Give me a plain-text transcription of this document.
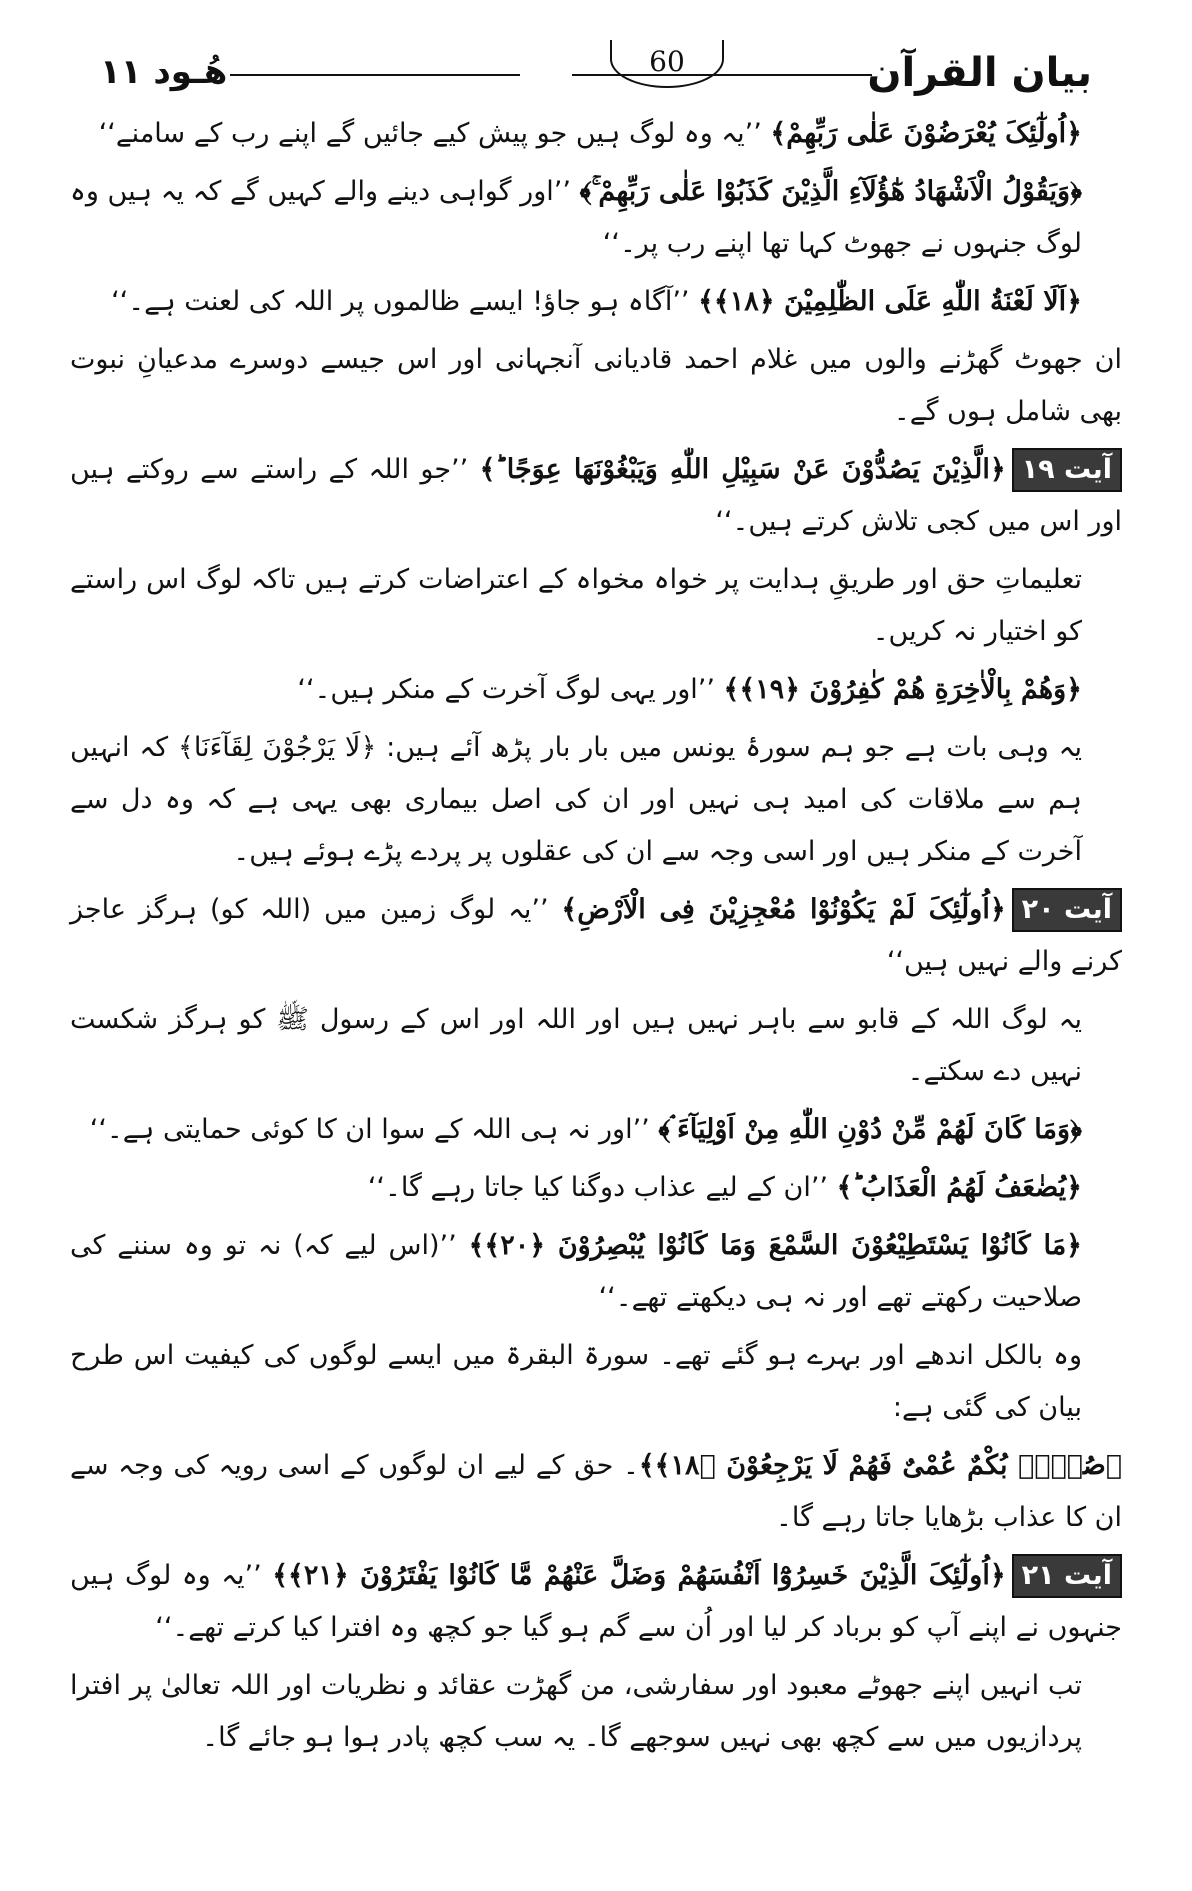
بیان القرآن
60
ھُـود ۱۱

﴿اُولٰٓئِکَ یُعْرَضُوْنَ عَلٰی رَبِّهِمْ﴾ ’’یہ وہ لوگ ہیں جو پیش کیے جائیں گے اپنے رب کے سامنے‘‘

﴿وَیَقُوْلُ الْاَشْهَادُ هٰٓؤُلَآءِ الَّذِیْنَ كَذَبُوْا عَلٰی رَبِّهِمْ ۚ﴾ ’’اور گواہی دینے والے کہیں گے کہ یہ ہیں وہ لوگ جنہوں نے جھوٹ کہا تھا اپنے رب پر۔‘‘

﴿اَلَا لَعْنَةُ اللّٰهِ عَلَی الظّٰلِمِیْنَ ﴿۱۸﴾﴾ ’’آگاہ ہو جاؤ! ایسے ظالموں پر اللہ کی لعنت ہے۔‘‘

ان جھوٹ گھڑنے والوں میں غلام احمد قادیانی آنجہانی اور اس جیسے دوسرے مدعیانِ نبوت بھی شامل ہوں گے۔

آیت ۱۹﴿الَّذِیْنَ یَصُدُّوْنَ عَنْ سَبِیْلِ اللّٰهِ وَیَبْغُوْنَهَا عِوَجًا ؕ﴾ ’’جو اللہ کے راستے سے روکتے ہیں اور اس میں کجی تلاش کرتے ہیں۔‘‘

تعلیماتِ حق اور طریقِ ہدایت پر خواہ مخواہ کے اعتراضات کرتے ہیں تاکہ لوگ اس راستے کو اختیار نہ کریں۔

﴿وَهُمْ بِالْاٰخِرَةِ هُمْ كٰفِرُوْنَ ﴿۱۹﴾﴾ ’’اور یہی لوگ آخرت کے منکر ہیں۔‘‘

یہ وہی بات ہے جو ہم سورۂ یونس میں بار بار پڑھ آئے ہیں: ﴿لَا یَرْجُوْنَ لِقَآءَنَا﴾ کہ انہیں ہم سے ملاقات کی امید ہی نہیں اور ان کی اصل بیماری بھی یہی ہے کہ وہ دل سے آخرت کے منکر ہیں اور اسی وجہ سے ان کی عقلوں پر پردے پڑے ہوئے ہیں۔

آیت ۲۰﴿اُولٰٓئِکَ لَمْ یَكُوْنُوْا مُعْجِزِیْنَ فِی الْاَرْضِ﴾ ’’یہ لوگ زمین میں (اللہ کو) ہرگز عاجز کرنے والے نہیں ہیں‘‘

یہ لوگ اللہ کے قابو سے باہر نہیں ہیں اور اللہ اور اس کے رسول ﷺ کو ہرگز شکست نہیں دے سکتے۔

﴿وَمَا كَانَ لَهُمْ مِّنْ دُوْنِ اللّٰهِ مِنْ اَوْلِیَآءَ ۘ﴾ ’’اور نہ ہی اللہ کے سوا ان کا کوئی حمایتی ہے۔‘‘

﴿یُضٰعَفُ لَهُمُ الْعَذَابُ ؕ﴾ ’’ان کے لیے عذاب دوگنا کیا جاتا رہے گا۔‘‘

﴿مَا كَانُوْا یَسْتَطِیْعُوْنَ السَّمْعَ وَمَا كَانُوْا یُبْصِرُوْنَ ﴿۲۰﴾﴾ ’’(اس لیے کہ) نہ تو وہ سننے کی صلاحیت رکھتے تھے اور نہ ہی دیکھتے تھے۔‘‘

وہ بالکل اندھے اور بہرے ہو گئے تھے۔ سورۃ البقرۃ میں ایسے لوگوں کی کیفیت اس طرح بیان کی گئی ہے:

﴿صُمٌّۢ بُكْمٌ عُمْیٌ فَهُمْ لَا یَرْجِعُوْنَ ﴿۱۸﴾﴾۔ حق کے لیے ان لوگوں کے اسی رویہ کی وجہ سے ان کا عذاب بڑھایا جاتا رہے گا۔

آیت ۲۱﴿اُولٰٓئِکَ الَّذِیْنَ خَسِرُوْٓا اَنْفُسَهُمْ وَضَلَّ عَنْهُمْ مَّا كَانُوْا یَفْتَرُوْنَ ﴿۲۱﴾﴾ ’’یہ وہ لوگ ہیں جنہوں نے اپنے آپ کو برباد کر لیا اور اُن سے گم ہو گیا جو کچھ وہ افترا کیا کرتے تھے۔‘‘

تب انہیں اپنے جھوٹے معبود اور سفارشی، من گھڑت عقائد و نظریات اور اللہ تعالیٰ پر افترا پردازیوں میں سے کچھ بھی نہیں سوجھے گا۔ یہ سب کچھ پادر ہوا ہو جائے گا۔
